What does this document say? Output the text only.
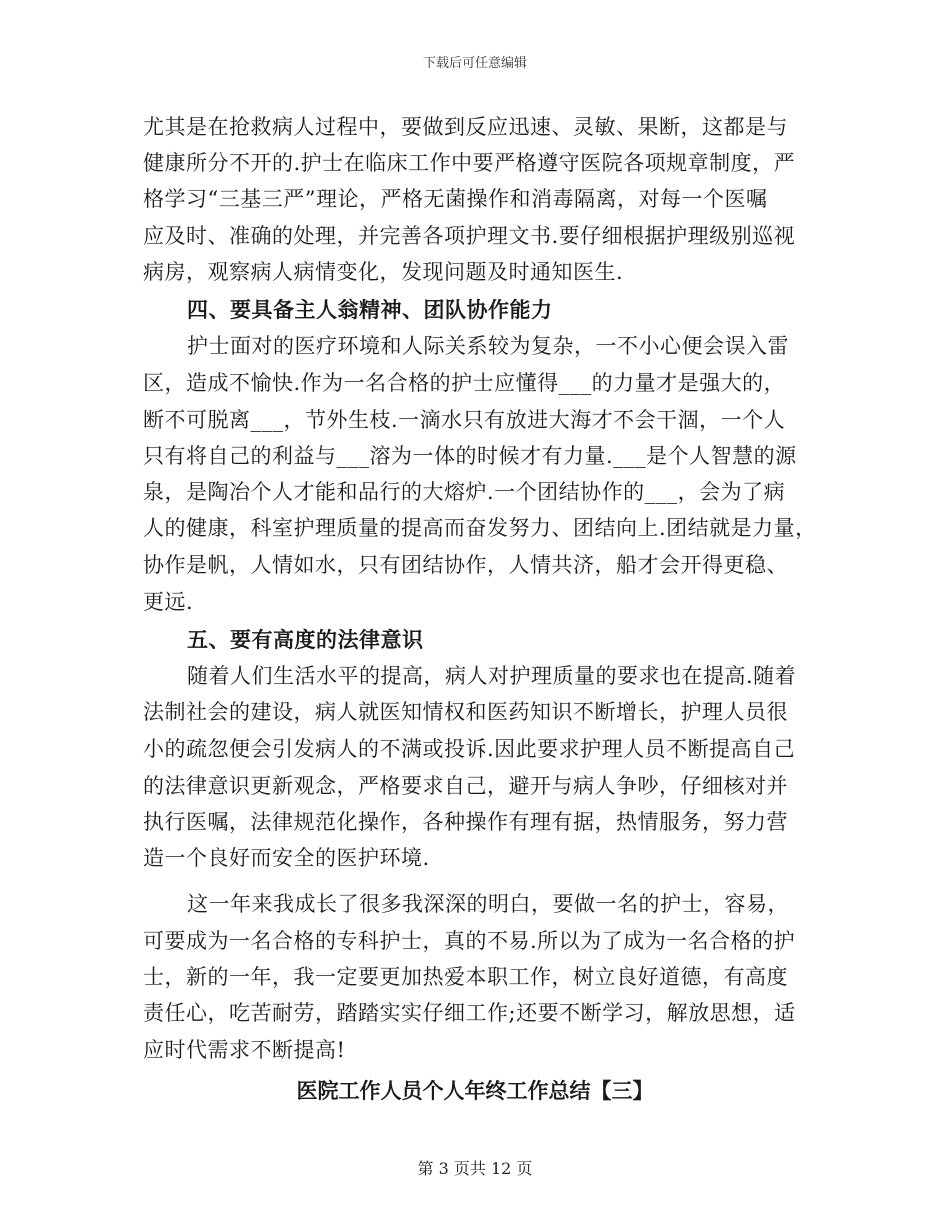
下载后可任意编辑
尤其是在抢救病人过程中，要做到反应迅速、灵敏、果断，这都是与
健康所分不开的.护士在临床工作中要严格遵守医院各项规章制度，严
格学习“三基三严”理论，严格无菌操作和消毒隔离，对每一个医嘱
应及时、准确的处理，并完善各项护理文书.要仔细根据护理级别巡视
病房，观察病人病情变化，发现问题及时通知医生.
四、要具备主人翁精神、团队协作能力
护士面对的医疗环境和人际关系较为复杂，一不小心便会误入雷
区，造成不愉快.作为一名合格的护士应懂得___的力量才是强大的，
断不可脱离___，节外生枝.一滴水只有放进大海才不会干涸，一个人
只有将自己的利益与___溶为一体的时候才有力量.___是个人智慧的源
泉，是陶冶个人才能和品行的大熔炉.一个团结协作的___，会为了病
人的健康，科室护理质量的提高而奋发努力、团结向上.团结就是力量，
协作是帆，人情如水，只有团结协作，人情共济，船才会开得更稳、
更远.
五、要有高度的法律意识
随着人们生活水平的提高，病人对护理质量的要求也在提高.随着
法制社会的建设，病人就医知情权和医药知识不断增长，护理人员很
小的疏忽便会引发病人的不满或投诉.因此要求护理人员不断提高自己
的法律意识更新观念，严格要求自己，避开与病人争吵，仔细核对并
执行医嘱，法律规范化操作，各种操作有理有据，热情服务，努力营
造一个良好而安全的医护环境.
这一年来我成长了很多我深深的明白，要做一名的护士，容易，
可要成为一名合格的专科护士，真的不易.所以为了成为一名合格的护
士，新的一年，我一定要更加热爱本职工作，树立良好道德，有高度
责任心，吃苦耐劳，踏踏实实仔细工作;还要不断学习，解放思想，适
应时代需求不断提高!
医院工作人员个人年终工作总结【三】
第 3 页共 12 页
